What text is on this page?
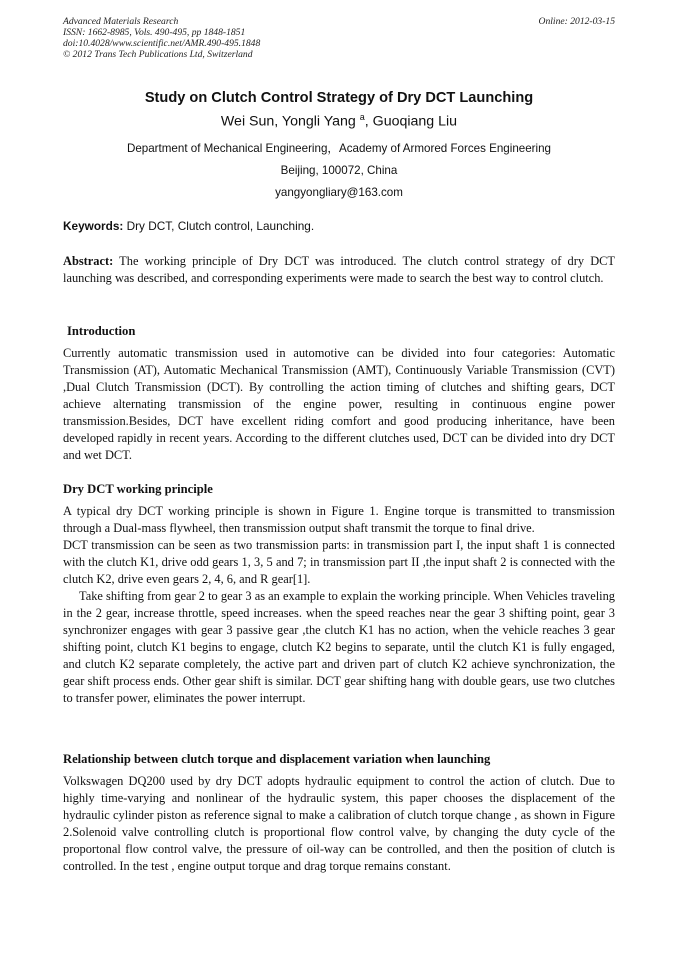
Advanced Materials Research
ISSN: 1662-8985, Vols. 490-495, pp 1848-1851
doi:10.4028/www.scientific.net/AMR.490-495.1848
© 2012 Trans Tech Publications Ltd, Switzerland
Online: 2012-03-15
Study on Clutch Control Strategy of Dry DCT Launching
Wei Sun, Yongli Yang $^a$, Guoqiang Liu
Department of Mechanical Engineering，Academy of Armored Forces Engineering
Beijing, 100072, China
yangyongliary@163.com
Keywords: Dry DCT, Clutch control, Launching.

Abstract: The working principle of Dry DCT was introduced. The clutch control strategy of dry DCT launching was described, and corresponding experiments were made to search the best way to control clutch.

Introduction

Currently automatic transmission used in automotive can be divided into four categories: Automatic Transmission (AT), Automatic Mechanical Transmission (AMT), Continuously Variable Transmission (CVT) ,Dual Clutch Transmission (DCT). By controlling the action timing of clutches and shifting gears, DCT achieve alternating transmission of the engine power, resulting in continuous engine power transmission.Besides, DCT have excellent riding comfort and good producing inheritance, have been developed rapidly in recent years. According to the different clutches used, DCT can be divided into dry DCT and wet DCT.

Dry DCT working principle

A typical dry DCT working principle is shown in Figure 1. Engine torque is transmitted to transmission through a Dual-mass flywheel, then transmission output shaft transmit the torque to final drive.

DCT transmission can be seen as two transmission parts: in transmission part I, the input shaft 1 is connected with the clutch K1, drive odd gears 1, 3, 5 and 7; in transmission part II ,the input shaft 2 is connected with the clutch K2, drive even gears 2, 4, 6, and R gear[1].

Take shifting from gear 2 to gear 3 as an example to explain the working principle. When Vehicles traveling in the 2 gear, increase throttle, speed increases. when the speed reaches near the gear 3 shifting point, gear 3 synchronizer engages with gear 3 passive gear ,the clutch K1 has no action, when the vehicle reaches 3 gear shifting point, clutch K1 begins to engage, clutch K2 begins to separate, until the clutch K1 is fully engaged, and clutch K2 separate completely, the active part and driven part of clutch K2 achieve synchronization, the gear shift process ends. Other gear shift is similar. DCT gear shifting hang with double gears, use two clutches to transfer power, eliminates the power interrupt.

Relationship between clutch torque and displacement variation when launching

Volkswagen DQ200 used by dry DCT adopts hydraulic equipment to control the action of clutch. Due to highly time-varying and nonlinear of the hydraulic system, this paper chooses the displacement of the hydraulic cylinder piston as reference signal to make a calibration of clutch torque change , as shown in Figure 2.Solenoid valve controlling clutch is proportional flow control valve, by changing the duty cycle of the proportonal flow control valve, the pressure of oil-way can be controlled, and then the position of clutch is controlled. In the test , engine output torque and drag torque remains constant.
